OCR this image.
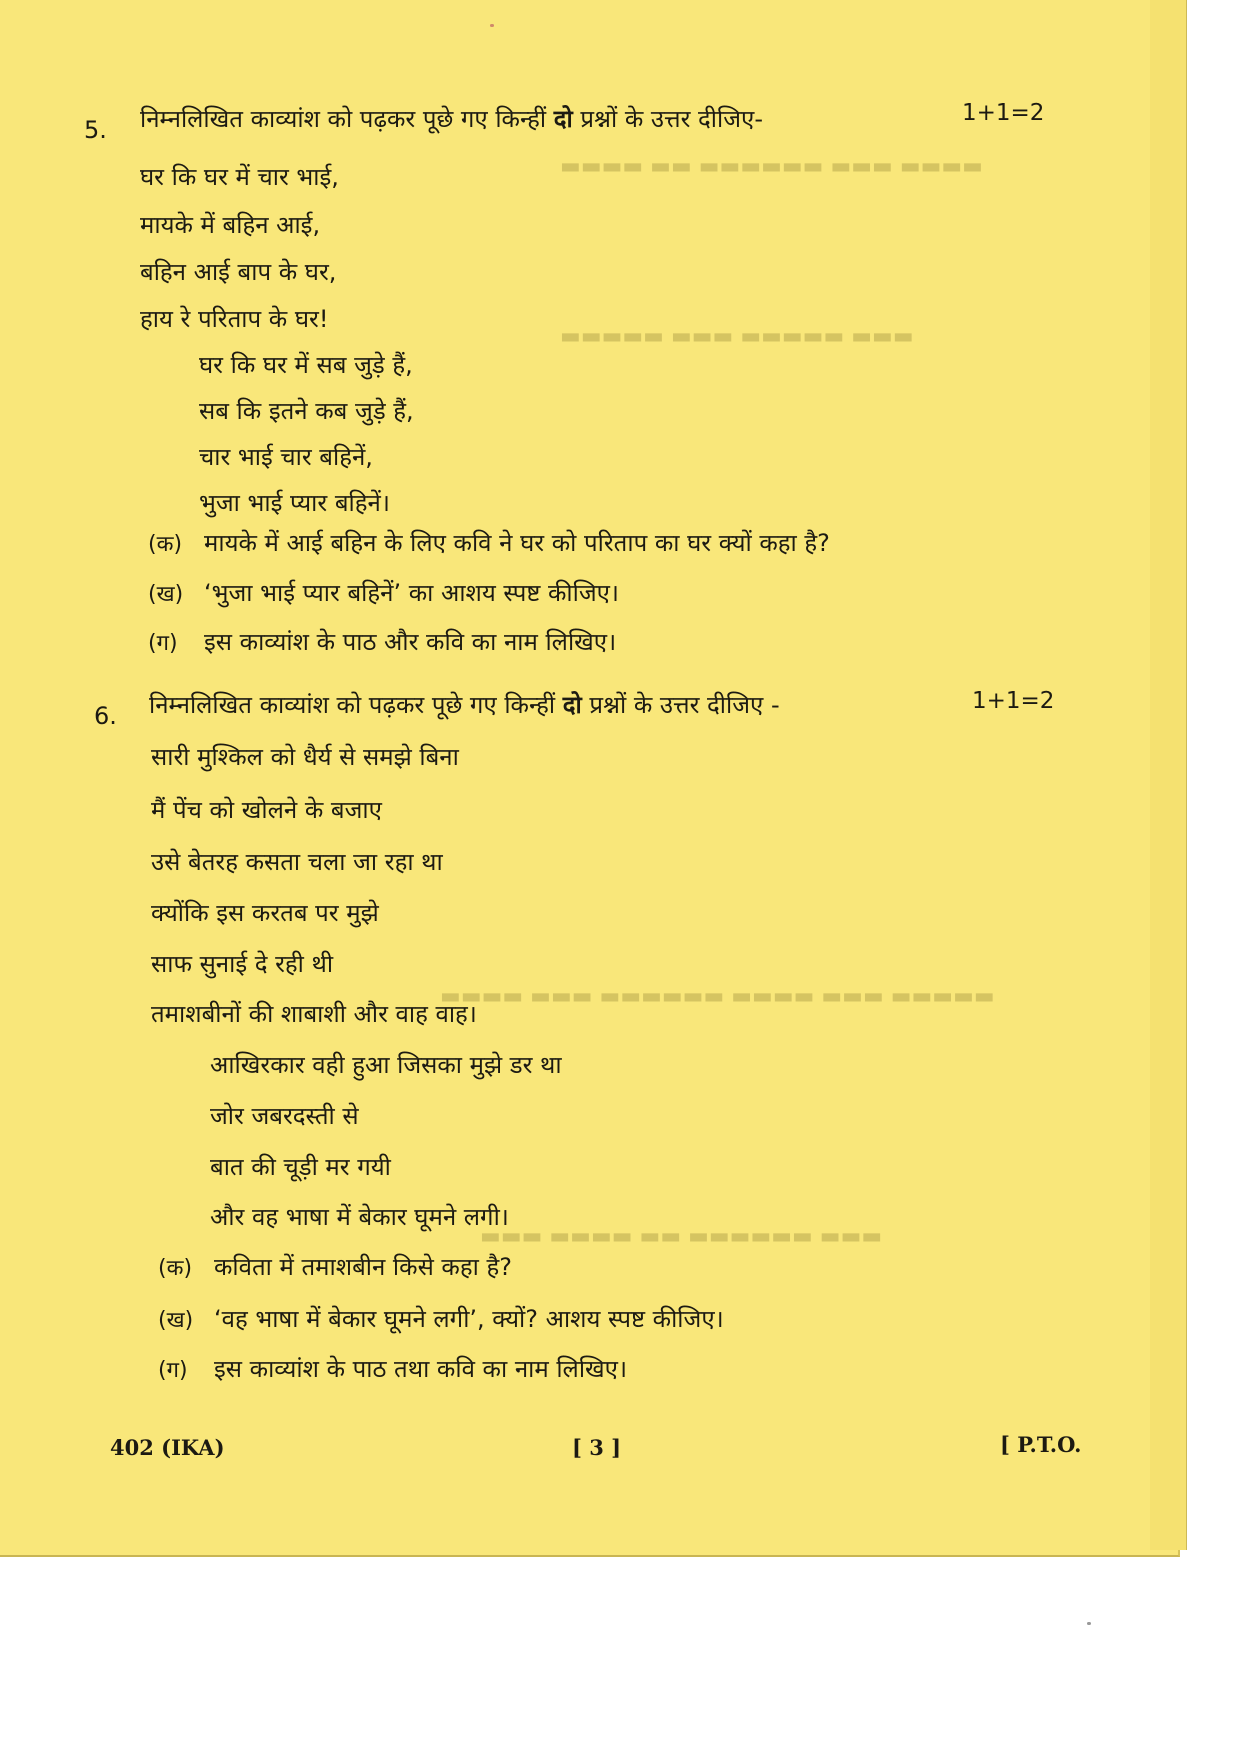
▬▬▬▬ ▬▬▬ ▬▬▬▬▬▬ ▬▬ ▬▬▬▬
▬▬▬ ▬▬▬▬▬ ▬▬▬ ▬▬▬▬▬
▬▬▬▬▬ ▬▬▬ ▬▬▬▬ ▬▬▬▬▬▬ ▬▬▬ ▬▬▬▬
▬▬▬ ▬▬▬▬▬▬ ▬▬ ▬▬▬▬ ▬▬▬
5. निम्नलिखित काव्यांश को पढ़कर पूछे गए किन्हीं दो प्रश्नों के उत्तर दीजिए-	1+1=2
घर कि घर में चार भाई,
मायके में बहिन आई,
बहिन आई बाप के घर,
हाय रे परिताप के घर!
घर कि घर में सब जुड़े हैं,
सब कि इतने कब जुड़े हैं,
चार भाई चार बहिनें,
भुजा भाई प्यार बहिनें।
(क) मायके में आई बहिन के लिए कवि ने घर को परिताप का घर क्यों कहा है?
(ख) ‘भुजा भाई प्यार बहिनें’ का आशय स्पष्ट कीजिए।
(ग) इस काव्यांश के पाठ और कवि का नाम लिखिए।
6. निम्नलिखित काव्यांश को पढ़कर पूछे गए किन्हीं दो प्रश्नों के उत्तर दीजिए -	1+1=2
सारी मुश्किल को धैर्य से समझे बिना
मैं पेंच को खोलने के बजाए
उसे बेतरह कसता चला जा रहा था
क्योंकि इस करतब पर मुझे
साफ सुनाई दे रही थी
तमाशबीनों की शाबाशी और वाह वाह।
आखिरकार वही हुआ जिसका मुझे डर था
जोर जबरदस्ती से
बात की चूड़ी मर गयी
और वह भाषा में बेकार घूमने लगी।
(क) कविता में तमाशबीन किसे कहा है?
(ख) ‘वह भाषा में बेकार घूमने लगी’, क्यों? आशय स्पष्ट कीजिए।
(ग) इस काव्यांश के पाठ तथा कवि का नाम लिखिए।
402 (IKA)	[ 3 ]	[ P.T.O.
